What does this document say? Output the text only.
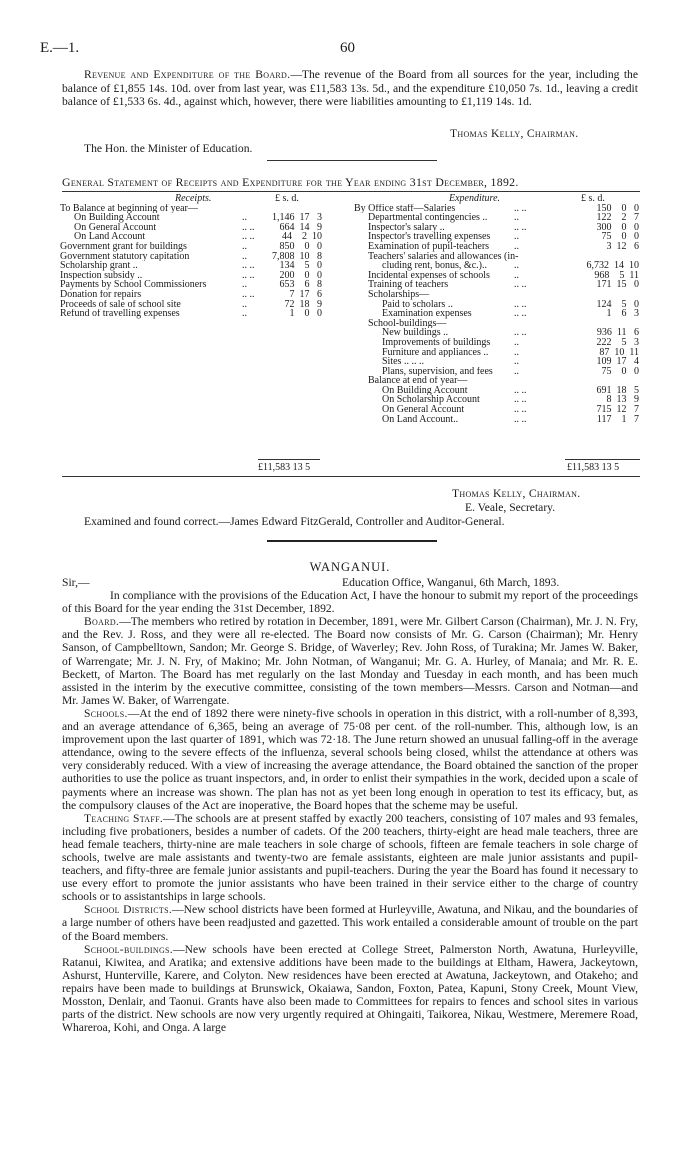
E.—1.	60

Revenue and Expenditure of the Board.—The revenue of the Board from all sources for the year, including the balance of £1,855 14s. 10d. over from last year, was £11,583 13s. 5d., and the expenditure £10,050 7s. 1d., leaving a credit balance of £1,533 6s. 4d., against which, however, there were liabilities amounting to £1,119 14s. 1d.

Thomas Kelly, Chairman.
The Hon. the Minister of Education.
General Statement of Receipts and Expenditure for the Year ending 31st December, 1892.
Receipts.	£ s. d.
To Balance at beginning of year—
On Building Account	..	1,146  17   3
On General Account	.. ..	664  14   9
On Land Account	.. ..	44    2  10
Government grant for buildings	..	850    0   0
Government statutory capitation	..	7,808  10   8
Scholarship grant ..	.. ..	134    5   0
Inspection subsidy ..	.. ..	200    0   0
Payments by School Commissioners	..	653    6   8
Donation for repairs	.. ..	7  17   6
Proceeds of sale of school site	..	72  18   9
Refund of travelling expenses	..	1    0   0
£11,583 13 5
Expenditure.	£ s. d.
By Office staff—Salaries	.. ..	150    0   0
Departmental contingencies ..	..	122    2   7
Inspector's salary ..	.. ..	300    0   0
Inspector's travelling expenses ..	75    0   0
Examination of pupil-teachers ..	3  12   6
Teachers' salaries and allowances (in-
cluding rent, bonus, &c.)..	..	6,732  14  10
Incidental expenses of schools ..	968    5  11
Training of teachers	.. ..	171  15   0
Scholarships—
Paid to scholars ..	.. ..	124    5   0
Examination expenses	.. ..	1    6   3
School-buildings—
New buildings ..	.. ..	936  11   6
Improvements of buildings ..	222    5   3
Furniture and appliances ..	..	87  10  11
Sites .. .. ..	..	109  17   4
Plans, supervision, and fees ..	75    0   0
Balance at end of year—
On Building Account	.. ..	691  18   5
On Scholarship Account	.. ..	8  13   9
On General Account	.. ..	715  12   7
On Land Account..	.. ..	117    1   7
£11,583 13 5
Thomas Kelly, Chairman.
E. Veale, Secretary.
Examined and found correct.—James Edward FitzGerald, Controller and Auditor-General.
WANGANUI.
Sir,—	Education Office, Wanganui, 6th March, 1893.

In compliance with the provisions of the Education Act, I have the honour to submit my report of the proceedings of this Board for the year ending the 31st December, 1892.

Board.—The members who retired by rotation in December, 1891, were Mr. Gilbert Carson (Chairman), Mr. J. N. Fry, and the Rev. J. Ross, and they were all re-elected. The Board now consists of Mr. G. Carson (Chairman); Mr. Henry Sanson, of Campbelltown, Sandon; Mr. George S. Bridge, of Waverley; Rev. John Ross, of Turakina; Mr. James W. Baker, of Warrengate; Mr. J. N. Fry, of Makino; Mr. John Notman, of Wanganui; Mr. G. A. Hurley, of Manaia; and Mr. R. E. Beckett, of Marton. The Board has met regularly on the last Monday and Tuesday in each month, and has been much assisted in the interim by the executive committee, consisting of the town members—Messrs. Carson and Notman—and Mr. James W. Baker, of Warrengate.

Schools.—At the end of 1892 there were ninety-five schools in operation in this district, with a roll-number of 8,393, and an average attendance of 6,365, being an average of 75·08 per cent. of the roll-number. This, although low, is an improvement upon the last quarter of 1891, which was 72·18. The June return showed an unusual falling-off in the average attendance, owing to the severe effects of the influenza, several schools being closed, whilst the attendance at others was very considerably reduced. With a view of increasing the average attendance, the Board obtained the sanction of the proper authorities to use the police as truant inspectors, and, in order to enlist their sympathies in the work, decided upon a scale of payments where an increase was shown. The plan has not as yet been long enough in operation to test its efficacy, but, as the compulsory clauses of the Act are inoperative, the Board hopes that the scheme may be useful.

Teaching Staff.—The schools are at present staffed by exactly 200 teachers, consisting of 107 males and 93 females, including five probationers, besides a number of cadets. Of the 200 teachers, thirty-eight are head male teachers, three are head female teachers, thirty-nine are male teachers in sole charge of schools, fifteen are female teachers in sole charge of schools, twelve are male assistants and twenty-two are female assistants, eighteen are male junior assistants and pupil-teachers, and fifty-three are female junior assistants and pupil-teachers. During the year the Board has found it necessary to use every effort to promote the junior assistants who have been trained in their service either to the charge of country schools or to assistantships in large schools.

School Districts.—New school districts have been formed at Hurleyville, Awatuna, and Nikau, and the boundaries of a large number of others have been readjusted and gazetted. This work entailed a considerable amount of trouble on the part of the Board members.

School-buildings.—New schools have been erected at College Street, Palmerston North, Awatuna, Hurleyville, Ratanui, Kiwitea, and Aratika; and extensive additions have been made to the buildings at Eltham, Hawera, Jackeytown, Ashurst, Hunterville, Karere, and Colyton. New residences have been erected at Awatuna, Jackeytown, and Otakeho; and repairs have been made to buildings at Brunswick, Okaiawa, Sandon, Foxton, Patea, Kapuni, Stony Creek, Mount View, Mosston, Denlair, and Taonui. Grants have also been made to Committees for repairs to fences and school sites in various parts of the district. New schools are now very urgently required at Ohingaiti, Taikorea, Nikau, Westmere, Meremere Road, Whareroa, Kohi, and Onga. A large
